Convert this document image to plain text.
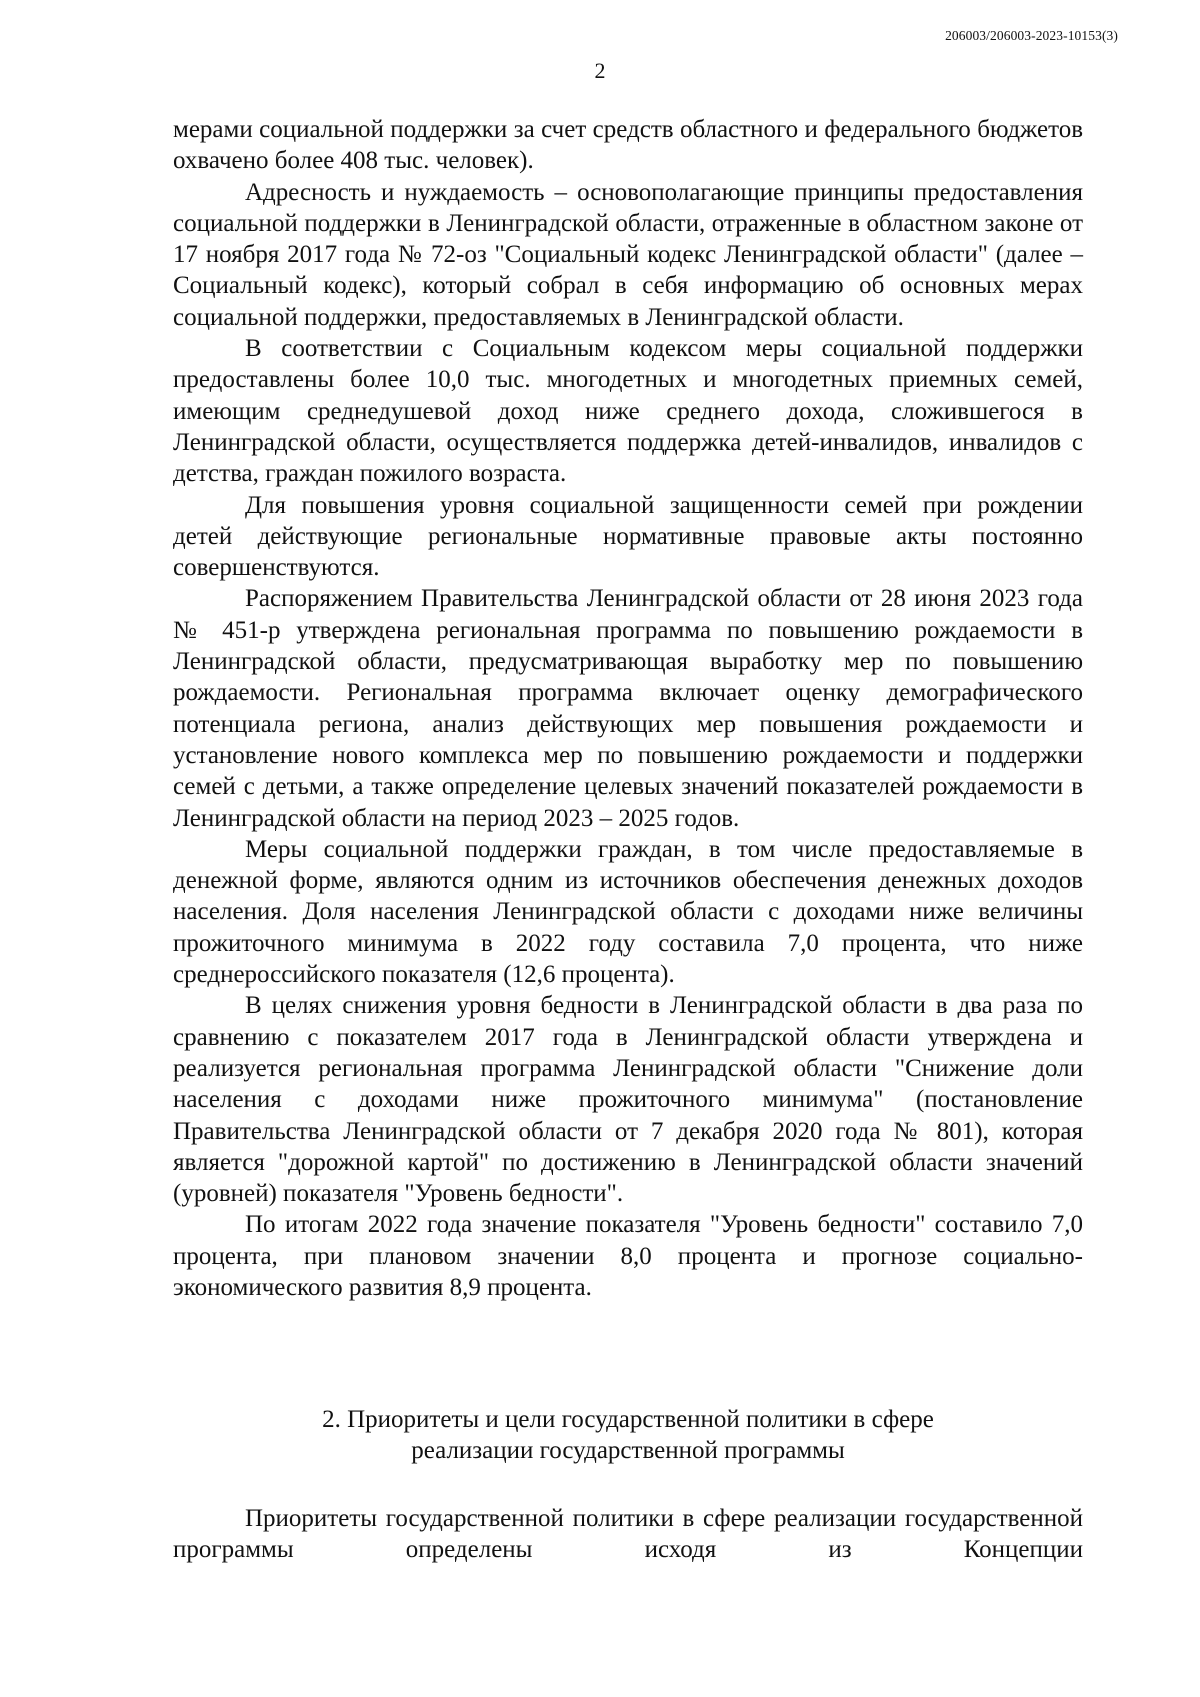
206003/206003-2023-10153(3)
2

мерами социальной поддержки за счет средств областного и федерального бюджетов охвачено более 408 тыс. человек).

Адресность и нуждаемость – основополагающие принципы предоставления социальной поддержки в Ленинградской области, отраженные в областном законе от 17 ноября 2017 года № 72-оз "Социальный кодекс Ленинградской области" (далее – Социальный кодекс), который собрал в себя информацию об основных мерах социальной поддержки, предоставляемых в Ленинградской области.

В соответствии с Социальным кодексом меры социальной поддержки предоставлены более 10,0 тыс. многодетных и многодетных приемных семей, имеющим среднедушевой доход ниже среднего дохода, сложившегося в Ленинградской области, осуществляется поддержка детей-инвалидов, инвалидов с детства, граждан пожилого возраста.

Для повышения уровня социальной защищенности семей при рождении детей действующие региональные нормативные правовые акты постоянно совершенствуются.

Распоряжением Правительства Ленинградской области от 28 июня 2023 года № 451-р утверждена региональная программа по повышению рождаемости в Ленинградской области, предусматривающая выработку мер по повышению рождаемости. Региональная программа включает оценку демографического потенциала региона, анализ действующих мер повышения рождаемости и установление нового комплекса мер по повышению рождаемости и поддержки семей с детьми, а также определение целевых значений показателей рождаемости в Ленинградской области на период 2023 – 2025 годов.

Меры социальной поддержки граждан, в том числе предоставляемые в денежной форме, являются одним из источников обеспечения денежных доходов населения. Доля населения Ленинградской области с доходами ниже величины прожиточного минимума в 2022 году составила 7,0 процента, что ниже среднероссийского показателя (12,6 процента).

В целях снижения уровня бедности в Ленинградской области в два раза по сравнению с показателем 2017 года в Ленинградской области утверждена и реализуется региональная программа Ленинградской области "Снижение доли населения с доходами ниже прожиточного минимума" (постановление Правительства Ленинградской области от 7 декабря 2020 года № 801), которая является "дорожной картой" по достижению в Ленинградской области значений (уровней) показателя "Уровень бедности".

По итогам 2022 года значение показателя "Уровень бедности" составило 7,0 процента, при плановом значении 8,0 процента и прогнозе социально-экономического развития 8,9 процента.

2. Приоритеты и цели государственной политики в сфере
реализации государственной программы

Приоритеты государственной политики в сфере реализации государственной программы определены исходя из Концепции
